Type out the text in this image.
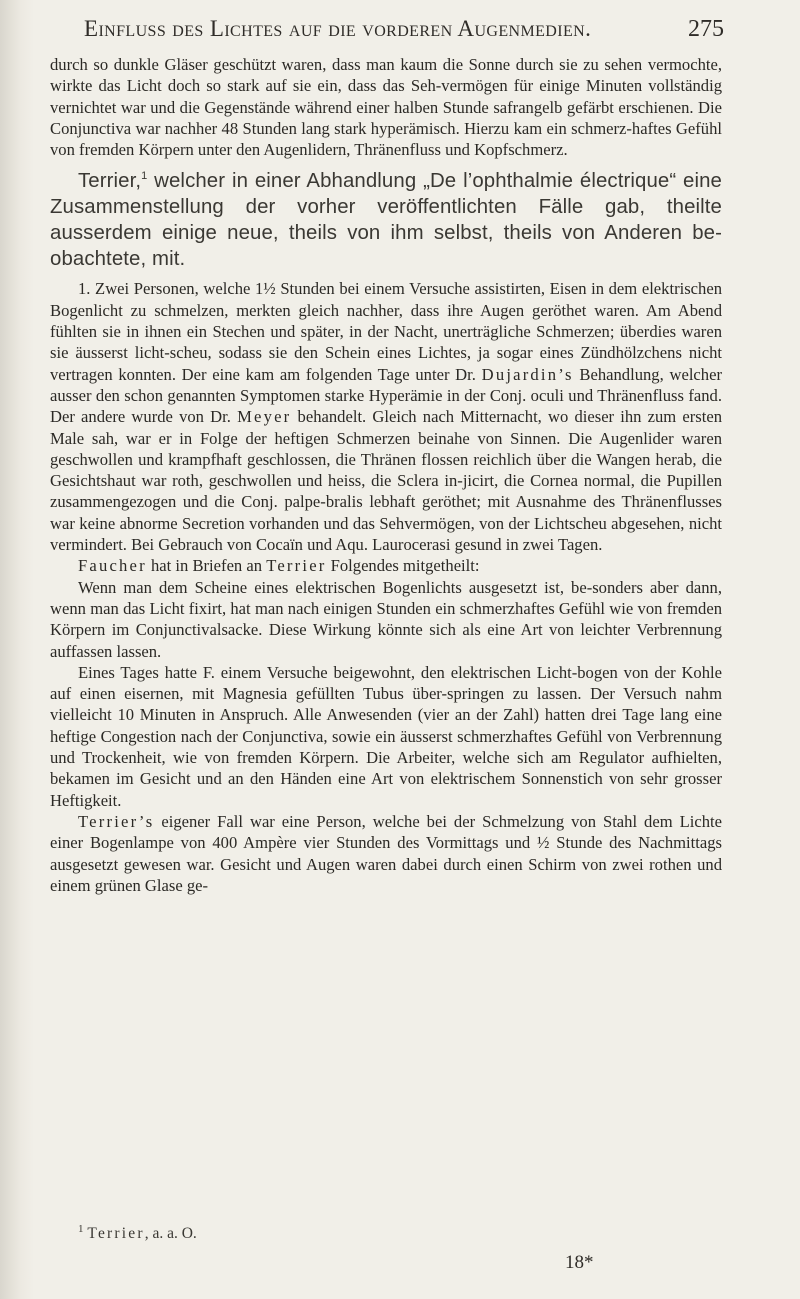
Einfluss des Lichtes auf die vorderen Augenmedien.	275

durch so dunkle Gläser geschützt waren, dass man kaum die Sonne durch sie zu sehen vermochte, wirkte das Licht doch so stark auf sie ein, dass das Seh-vermögen für einige Minuten vollständig vernichtet war und die Gegenstände während einer halben Stunde safrangelb gefärbt erschienen. Die Conjunctiva war nachher 48 Stunden lang stark hyperämisch. Hierzu kam ein schmerz-haftes Gefühl von fremden Körpern unter den Augenlidern, Thränenfluss und Kopfschmerz.

Terrier,$^1$ welcher in einer Abhandlung „De l’ophthalmie électrique“ eine Zusammenstellung der vorher veröffentlichten Fälle gab, theilte ausserdem einige neue, theils von ihm selbst, theils von Anderen be-obachtete, mit.

1. Zwei Personen, welche 1½ Stunden bei einem Versuche assistirten, Eisen in dem elektrischen Bogenlicht zu schmelzen, merkten gleich nachher, dass ihre Augen geröthet waren. Am Abend fühlten sie in ihnen ein Stechen und später, in der Nacht, unerträgliche Schmerzen; überdies waren sie äusserst licht-scheu, sodass sie den Schein eines Lichtes, ja sogar eines Zündhölzchens nicht vertragen konnten. Der eine kam am folgenden Tage unter Dr. Dujardin’s Behandlung, welcher ausser den schon genannten Symptomen starke Hyperämie in der Conj. oculi und Thränenfluss fand. Der andere wurde von Dr. Meyer behandelt. Gleich nach Mitternacht, wo dieser ihn zum ersten Male sah, war er in Folge der heftigen Schmerzen beinahe von Sinnen. Die Augenlider waren geschwollen und krampfhaft geschlossen, die Thränen flossen reichlich über die Wangen herab, die Gesichtshaut war roth, geschwollen und heiss, die Sclera in-jicirt, die Cornea normal, die Pupillen zusammengezogen und die Conj. palpe-bralis lebhaft geröthet; mit Ausnahme des Thränenflusses war keine abnorme Secretion vorhanden und das Sehvermögen, von der Lichtscheu abgesehen, nicht vermindert. Bei Gebrauch von Cocaïn und Aqu. Laurocerasi gesund in zwei Tagen.

Faucher hat in Briefen an Terrier Folgendes mitgetheilt:

Wenn man dem Scheine eines elektrischen Bogenlichts ausgesetzt ist, be-sonders aber dann, wenn man das Licht fixirt, hat man nach einigen Stunden ein schmerzhaftes Gefühl wie von fremden Körpern im Conjunctivalsacke. Diese Wirkung könnte sich als eine Art von leichter Verbrennung auffassen lassen.

Eines Tages hatte F. einem Versuche beigewohnt, den elektrischen Licht-bogen von der Kohle auf einen eisernen, mit Magnesia gefüllten Tubus über-springen zu lassen. Der Versuch nahm vielleicht 10 Minuten in Anspruch. Alle Anwesenden (vier an der Zahl) hatten drei Tage lang eine heftige Congestion nach der Conjunctiva, sowie ein äusserst schmerzhaftes Gefühl von Verbrennung und Trockenheit, wie von fremden Körpern. Die Arbeiter, welche sich am Regulator aufhielten, bekamen im Gesicht und an den Händen eine Art von elektrischem Sonnenstich von sehr grosser Heftigkeit.

Terrier’s eigener Fall war eine Person, welche bei der Schmelzung von Stahl dem Lichte einer Bogenlampe von 400 Ampère vier Stunden des Vormittags und ½ Stunde des Nachmittags ausgesetzt gewesen war. Gesicht und Augen waren dabei durch einen Schirm von zwei rothen und einem grünen Glase ge-

$^1$ Terrier, a. a. O.
18*
